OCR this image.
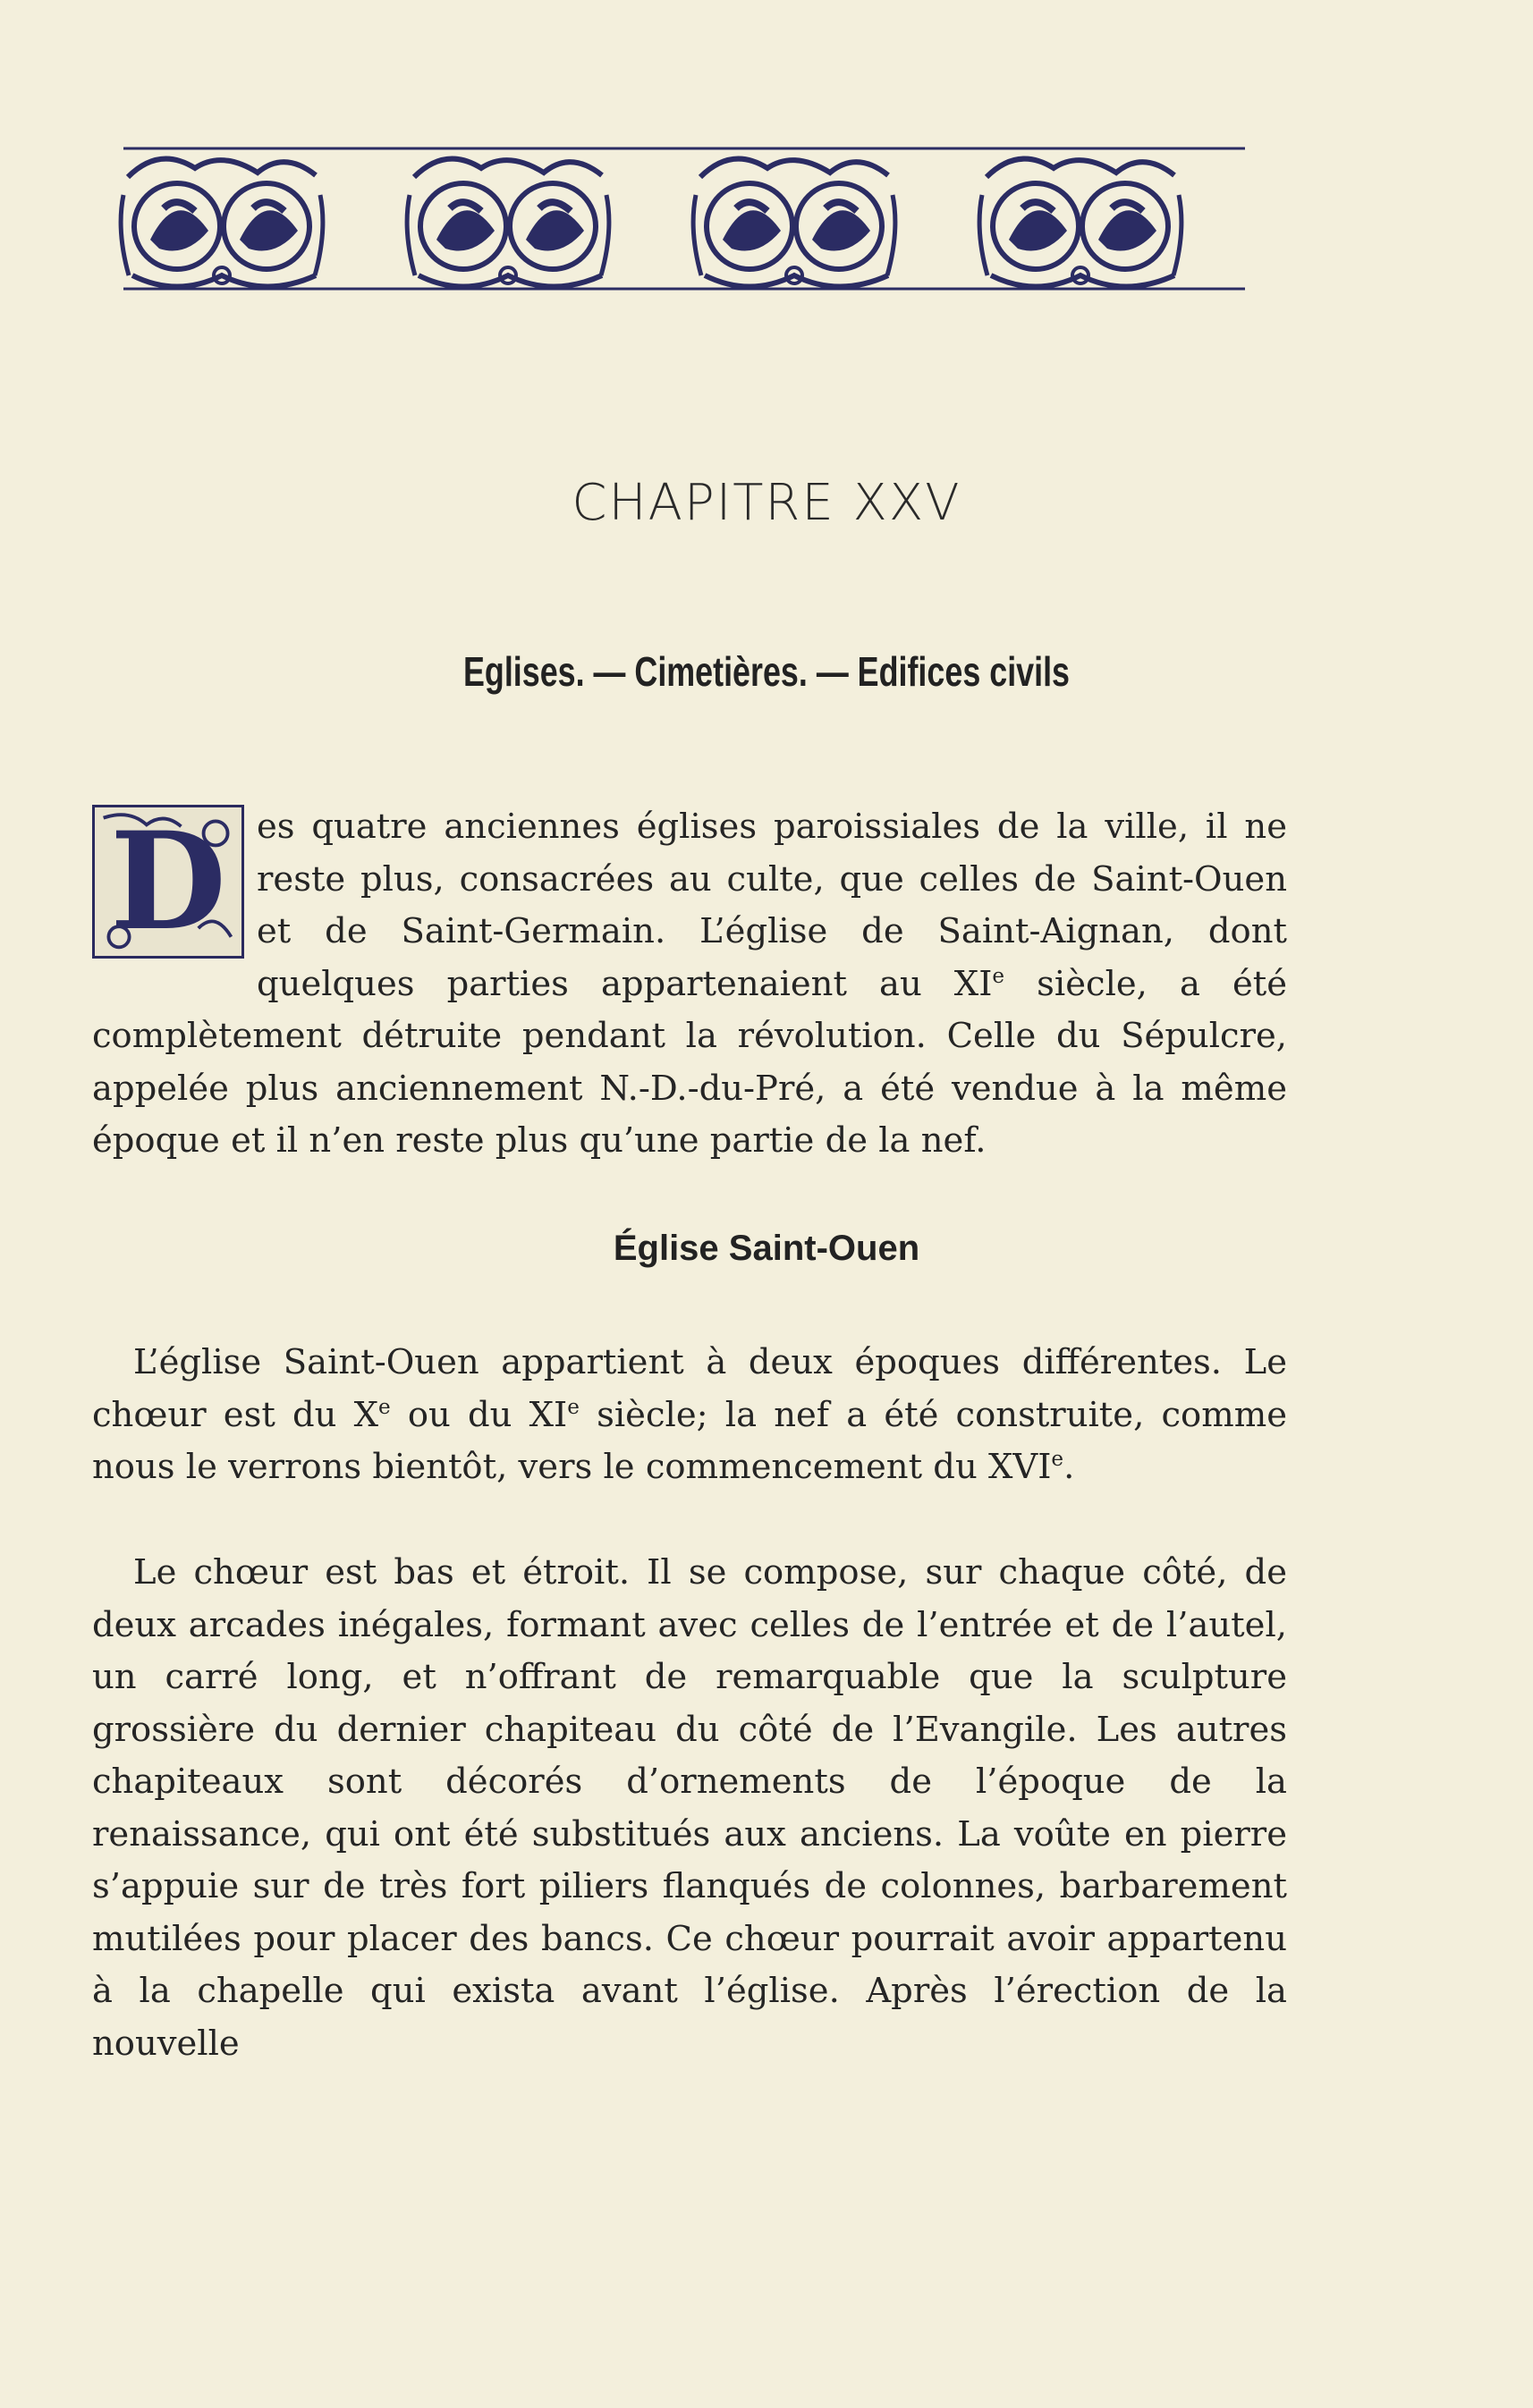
CHAPITRE XXV
Eglises. — Cimetières. — Edifices civils
D es quatre anciennes églises paroissiales de la ville, il ne reste plus, consacrées au culte, que celles de Saint-Ouen et de Saint-Germain. L’église de Saint-Aignan, dont quelques parties appartenaient au XIe siècle, a été complètement détruite pendant la révolution. Celle du Sépulcre, appelée plus anciennement N.-D.-du-Pré, a été vendue à la même époque et il n’en reste plus qu’une partie de la nef.

Église Saint-Ouen

L’église Saint-Ouen appartient à deux époques différentes. Le chœur est du Xe ou du XIe siècle; la nef a été construite, comme nous le verrons bientôt, vers le commencement du XVIe.

Le chœur est bas et étroit. Il se compose, sur chaque côté, de deux arcades inégales, formant avec celles de l’entrée et de l’autel, un carré long, et n’offrant de remarquable que la sculpture grossière du dernier chapiteau du côté de l’Evangile. Les autres chapiteaux sont décorés d’ornements de l’époque de la renaissance, qui ont été substitués aux anciens. La voûte en pierre s’appuie sur de très fort piliers flanqués de colonnes, barbarement mutilées pour placer des bancs. Ce chœur pourrait avoir appartenu à la chapelle qui exista avant l’église. Après l’érection de la nouvelle
